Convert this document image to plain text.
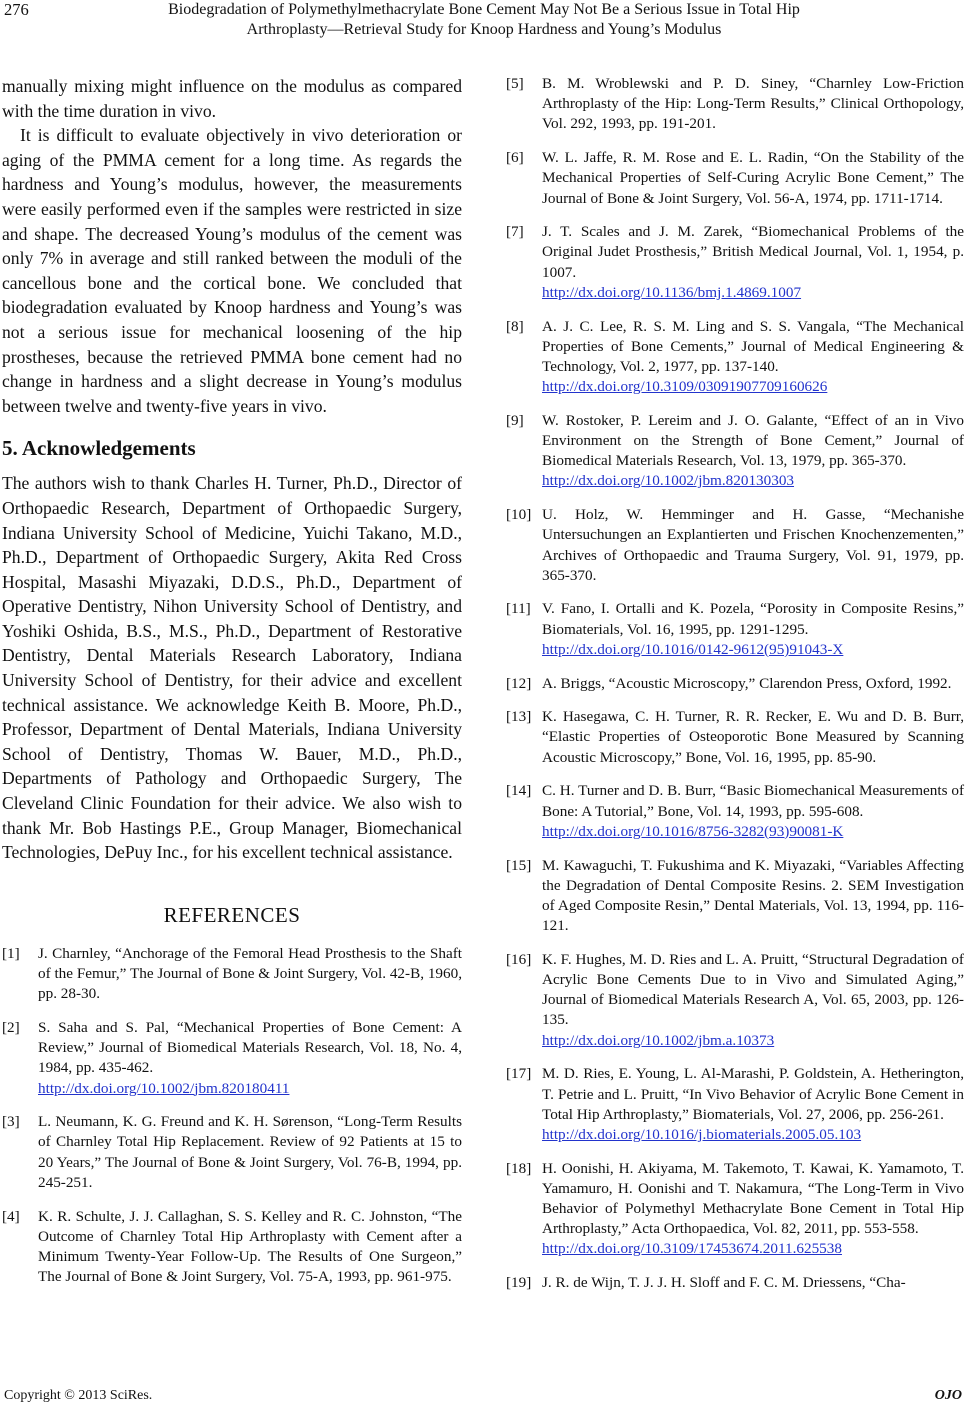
276	Biodegradation of Polymethylmethacrylate Bone Cement May Not Be a Serious Issue in Total Hip
Arthroplasty—Retrieval Study for Knoop Hardness and Young’s Modulus

manually mixing might influence on the modulus as compared with the time duration in vivo.

It is difficult to evaluate objectively in vivo deterioration or aging of the PMMA cement for a long time. As regards the hardness and Young’s modulus, however, the measurements were easily performed even if the samples were restricted in size and shape. The decreased Young’s modulus of the cement was only 7% in average and still ranked between the moduli of the cancellous bone and the cortical bone. We concluded that biodegradation evaluated by Knoop hardness and Young’s was not a serious issue for mechanical loosening of the hip prostheses, because the retrieved PMMA bone cement had no change in hardness and a slight decrease in Young’s modulus between twelve and twenty-five years in vivo.

5. Acknowledgements

The authors wish to thank Charles H. Turner, Ph.D., Director of Orthopaedic Research, Department of Orthopaedic Surgery, Indiana University School of Medicine, Yuichi Takano, M.D., Ph.D., Department of Orthopaedic Surgery, Akita Red Cross Hospital, Masashi Miyazaki, D.D.S., Ph.D., Department of Operative Dentistry, Nihon University School of Dentistry, and Yoshiki Oshida, B.S., M.S., Ph.D., Department of Restorative Dentistry, Dental Materials Research Laboratory, Indiana University School of Dentistry, for their advice and excellent technical assistance. We acknowledge Keith B. Moore, Ph.D., Professor, Department of Dental Materials, Indiana University School of Dentistry, Thomas W. Bauer, M.D., Ph.D., Departments of Pathology and Orthopaedic Surgery, The Cleveland Clinic Foundation for their advice. We also wish to thank Mr. Bob Hastings P.E., Group Manager, Biomechanical Technologies, DePuy Inc., for his excellent technical assistance.

REFERENCES
[1]	J. Charnley, “Anchorage of the Femoral Head Prosthesis to the Shaft of the Femur,” The Journal of Bone & Joint Surgery, Vol. 42-B, 1960, pp. 28-30.
[2]	S. Saha and S. Pal, “Mechanical Properties of Bone Cement: A Review,” Journal of Biomedical Materials Research, Vol. 18, No. 4, 1984, pp. 435-462.
http://dx.doi.org/10.1002/jbm.820180411
[3]	L. Neumann, K. G. Freund and K. H. Sørenson, “Long-Term Results of Charnley Total Hip Replacement. Review of 92 Patients at 15 to 20 Years,” The Journal of Bone & Joint Surgery, Vol. 76-B, 1994, pp. 245-251.
[4]	K. R. Schulte, J. J. Callaghan, S. S. Kelley and R. C. Johnston, “The Outcome of Charnley Total Hip Arthroplasty with Cement after a Minimum Twenty-Year Follow-Up. The Results of One Surgeon,” The Journal of Bone & Joint Surgery, Vol. 75-A, 1993, pp. 961-975.
[5]	B. M. Wroblewski and P. D. Siney, “Charnley Low-Friction Arthroplasty of the Hip: Long-Term Results,” Clinical Orthopology, Vol. 292, 1993, pp. 191-201.
[6]	W. L. Jaffe, R. M. Rose and E. L. Radin, “On the Stability of the Mechanical Properties of Self-Curing Acrylic Bone Cement,” The Journal of Bone & Joint Surgery, Vol. 56-A, 1974, pp. 1711-1714.
[7]	J. T. Scales and J. M. Zarek, “Biomechanical Problems of the Original Judet Prosthesis,” British Medical Journal, Vol. 1, 1954, p. 1007.
http://dx.doi.org/10.1136/bmj.1.4869.1007
[8]	A. J. C. Lee, R. S. M. Ling and S. S. Vangala, “The Mechanical Properties of Bone Cements,” Journal of Medical Engineering & Technology, Vol. 2, 1977, pp. 137-140.
http://dx.doi.org/10.3109/03091907709160626
[9]	W. Rostoker, P. Lereim and J. O. Galante, “Effect of an in Vivo Environment on the Strength of Bone Cement,” Journal of Biomedical Materials Research, Vol. 13, 1979, pp. 365-370.
http://dx.doi.org/10.1002/jbm.820130303
[10] U. Holz, W. Hemminger and H. Gasse, “Mechanishe Untersuchungen an Explantierten und Frischen Knochenzementen,” Archives of Orthopaedic and Trauma Surgery, Vol. 91, 1979, pp. 365-370.
[11] V. Fano, I. Ortalli and K. Pozela, “Porosity in Composite Resins,” Biomaterials, Vol. 16, 1995, pp. 1291-1295.
http://dx.doi.org/10.1016/0142-9612(95)91043-X
[12] A. Briggs, “Acoustic Microscopy,” Clarendon Press, Oxford, 1992.
[13] K. Hasegawa, C. H. Turner, R. R. Recker, E. Wu and D. B. Burr, “Elastic Properties of Osteoporotic Bone Measured by Scanning Acoustic Microscopy,” Bone, Vol. 16, 1995, pp. 85-90.
[14] C. H. Turner and D. B. Burr, “Basic Biomechanical Measurements of Bone: A Tutorial,” Bone, Vol. 14, 1993, pp. 595-608.
http://dx.doi.org/10.1016/8756-3282(93)90081-K
[15] M. Kawaguchi, T. Fukushima and K. Miyazaki, “Variables Affecting the Degradation of Dental Composite Resins. 2. SEM Investigation of Aged Composite Resin,” Dental Materials, Vol. 13, 1994, pp. 116-121.
[16] K. F. Hughes, M. D. Ries and L. A. Pruitt, “Structural Degradation of Acrylic Bone Cements Due to in Vivo and Simulated Aging,” Journal of Biomedical Materials Research A, Vol. 65, 2003, pp. 126-135.
http://dx.doi.org/10.1002/jbm.a.10373
[17] M. D. Ries, E. Young, L. Al-Marashi, P. Goldstein, A. Hetherington, T. Petrie and L. Pruitt, “In Vivo Behavior of Acrylic Bone Cement in Total Hip Arthroplasty,” Biomaterials, Vol. 27, 2006, pp. 256-261.
http://dx.doi.org/10.1016/j.biomaterials.2005.05.103
[18] H. Oonishi, H. Akiyama, M. Takemoto, T. Kawai, K. Yamamoto, T. Yamamuro, H. Oonishi and T. Nakamura, “The Long-Term in Vivo Behavior of Polymethyl Methacrylate Bone Cement in Total Hip Arthroplasty,” Acta Orthopaedica, Vol. 82, 2011, pp. 553-558.
http://dx.doi.org/10.3109/17453674.2011.625538
[19] J. R. de Wijn, T. J. J. H. Sloff and F. C. M. Driessens, “Cha-
Copyright © 2013 SciRes.	OJO
